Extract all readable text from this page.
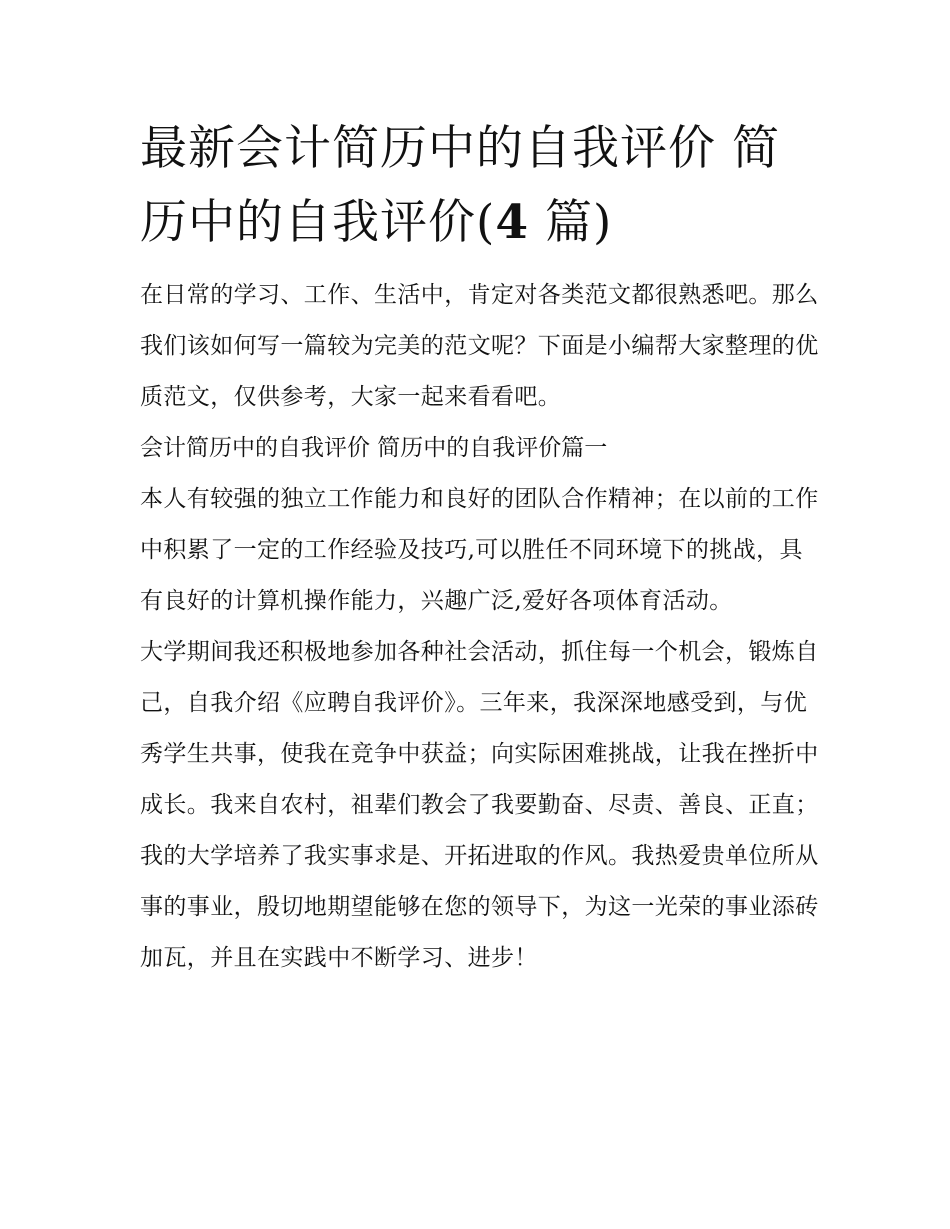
最新会计简历中的自我评价 简历中的自我评价(4 篇)

在日常的学习、工作、生活中，肯定对各类范文都很熟悉吧。那么我们该如何写一篇较为完美的范文呢？下面是小编帮大家整理的优质范文，仅供参考，大家一起来看看吧。

会计简历中的自我评价 简历中的自我评价篇一

本人有较强的独立工作能力和良好的团队合作精神；在以前的工作中积累了一定的工作经验及技巧,可以胜任不同环境下的挑战，具有良好的计算机操作能力，兴趣广泛,爱好各项体育活动。

大学期间我还积极地参加各种社会活动，抓住每一个机会，锻炼自己，自我介绍《应聘自我评价》。三年来，我深深地感受到，与优秀学生共事，使我在竞争中获益；向实际困难挑战，让我在挫折中成长。我来自农村，祖辈们教会了我要勤奋、尽责、善良、正直；我的大学培养了我实事求是、开拓进取的作风。我热爱贵单位所从事的事业，殷切地期望能够在您的领导下，为这一光荣的事业添砖加瓦，并且在实践中不断学习、进步！
